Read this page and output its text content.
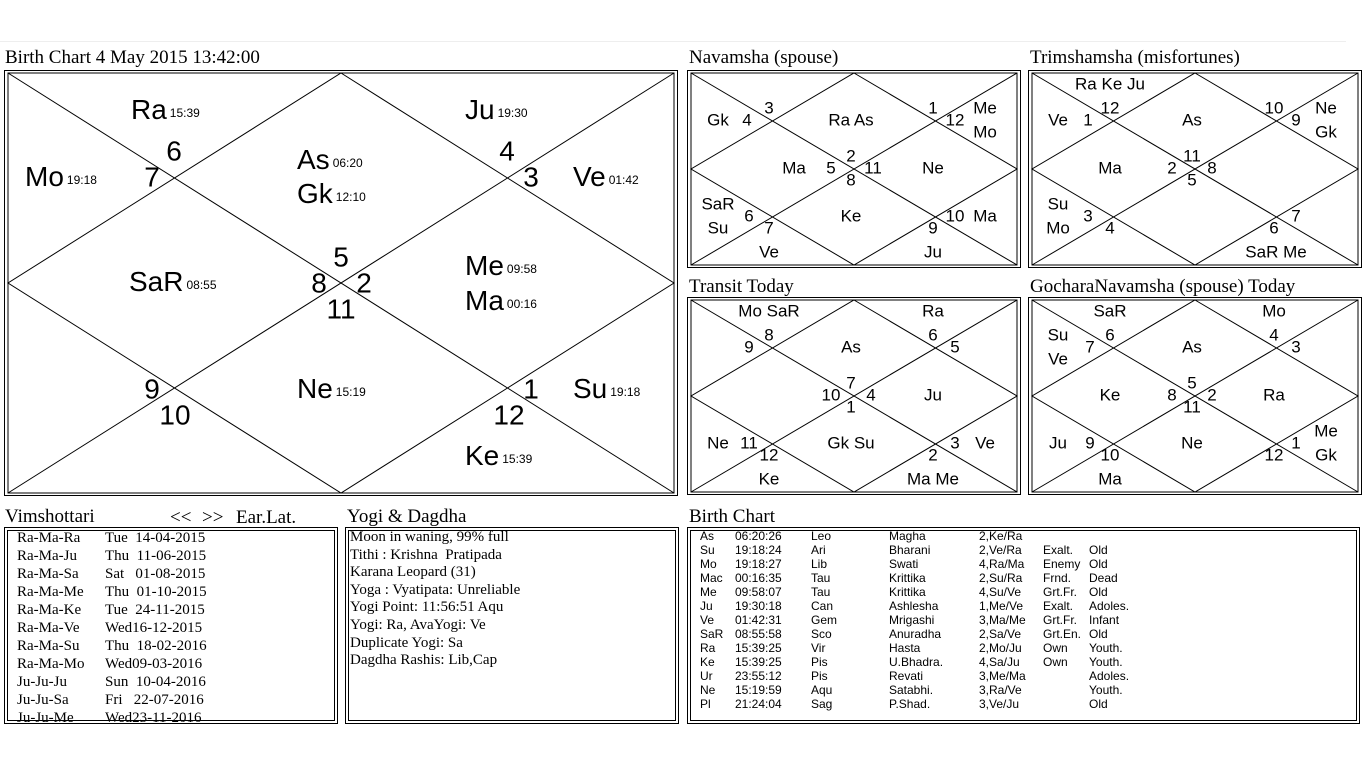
Birth Chart 4 May 2015 13:42:00
6
7
4
3
5
8 2
11
9
10
1
12
Ra $_{15:39}$
Mo $_{19:18}$
As $_{06:20}$
Gk $_{12:10}$
Ju $_{19:30}$
Ve $_{01:42}$
SaR $_{08:55}$
Me $_{09:58}$
Ma $_{00:16}$
Ne $_{15:19}$	Su $_{19:18}$
Ke $_{15:39}$
Navamsha (spouse)
3
4
Gk	Ra As
1
12
Me
Mo
2
5 11
8
Ne
Ma
SaR
Su
6
7
Ke	10 Ma
9
Ve	Ju
Trimshamsha (misfortunes)
Ra Ke Ju
12
Ve 1	As
10
9
Ne
Gk
11
2 8
5
Ma
Su
Mo
3
4
7
6
SaR Me
Transit Today
Mo SaR
8
9
Ra
6
5
As
7
10 4
1
Ju
Ne 11
12
Gk Su	3 Ve
2
Ke	Ma Me
GocharaNavamsha (spouse) Today
SaR
6
Su
Ve
7
Mo
4
3
As
5
8 2
11
Ke	Ra
Ju 9
10
Ne	1
12
Me
Gk
Ma
Vimshottari	<< >> Ear.Lat.
Ra-Ma-Ra	Tue  14-04-2015
Ra-Ma-Ju	Thu  11-06-2015
Ra-Ma-Sa	Sat   01-08-2015
Ra-Ma-Me	Thu  01-10-2015
Ra-Ma-Ke	Tue  24-11-2015
Ra-Ma-Ve	Wed16-12-2015
Ra-Ma-Su	Thu  18-02-2016
Ra-Ma-Mo	Wed09-03-2016
Ju-Ju-Ju	Sun  10-04-2016
Ju-Ju-Sa	Fri   22-07-2016
Ju-Ju-Me	Wed23-11-2016
Yogi & Dagdha
Moon in waning, 99% full
Tithi : Krishna  Pratipada
Karana Leopard (31)
Yoga : Vyatipata: Unreliable
Yogi Point: 11:56:51 Aqu
Yogi: Ra, AvaYogi: Ve
Duplicate Yogi: Sa
Dagdha Rashis: Lib,Cap
Birth Chart
As	06:20:26	Leo	Magha	2,Ke/Ra		
Su	19:18:24	Ari	Bharani	2,Ve/Ra	Exalt.	Old
Mo	19:18:27	Lib	Swati	4,Ra/Ma	Enemy	Old
Mac	00:16:35	Tau	Krittika	2,Su/Ra	Frnd.	Dead
Me	09:58:07	Tau	Krittika	4,Su/Ve	Grt.Fr.	Old
Ju	19:30:18	Can	Ashlesha	1,Me/Ve	Exalt.	Adoles.
Ve	01:42:31	Gem	Mrigashi	3,Ma/Me	Grt.Fr.	Infant
SaR	08:55:58	Sco	Anuradha	2,Sa/Ve	Grt.En.	Old
Ra	15:39:25	Vir	Hasta	2,Mo/Ju	Own	Youth.
Ke	15:39:25	Pis	U.Bhadra.	4,Sa/Ju	Own	Youth.
Ur	23:55:12	Pis	Revati	3,Me/Ma		Adoles.
Ne	15:19:59	Aqu	Satabhi.	3,Ra/Ve		Youth.
Pl	21:24:04	Sag	P.Shad.	3,Ve/Ju		Old
